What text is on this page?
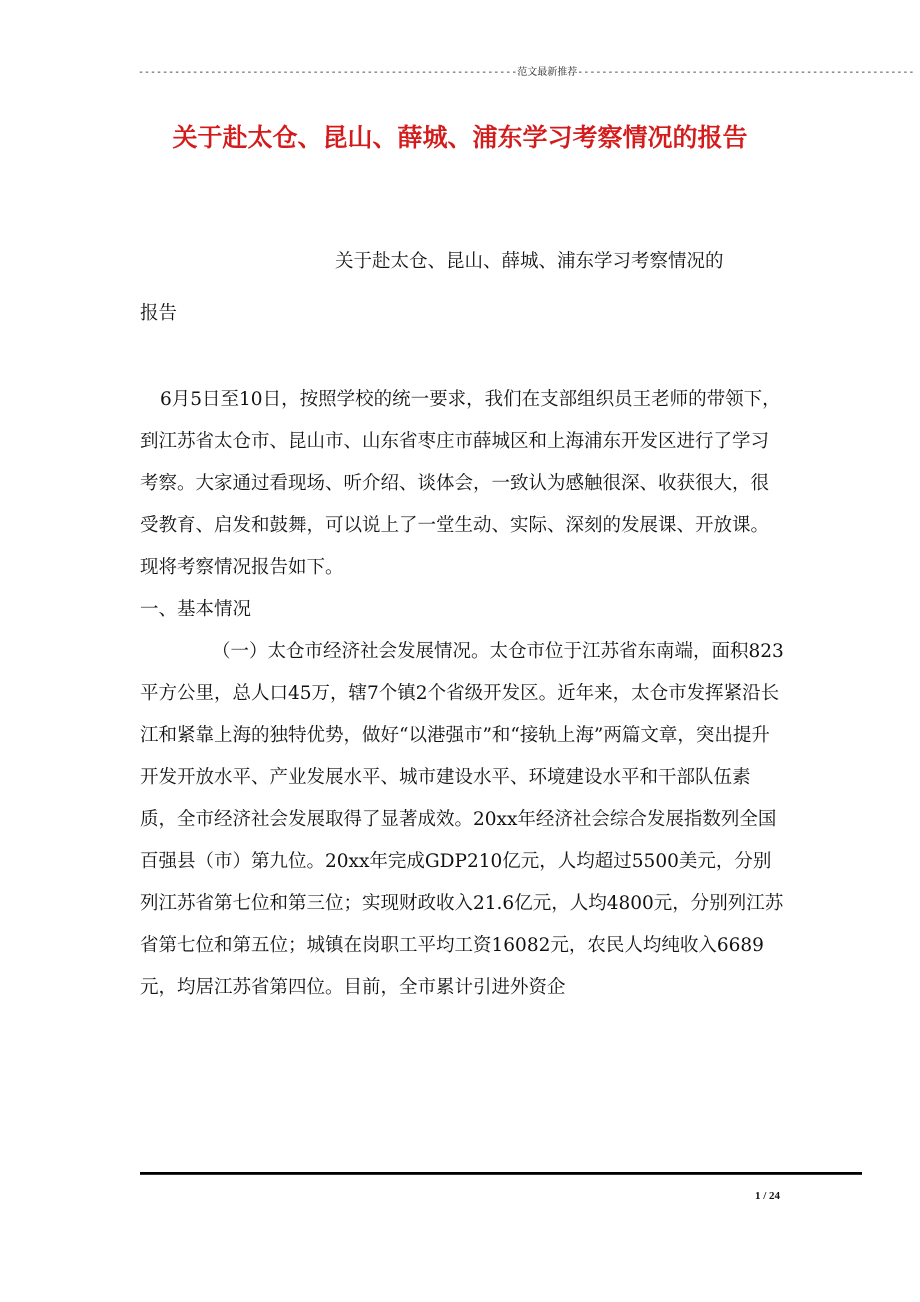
---------------------------------------------------------------范文最新推荐--------------------------------------------------------
关于赴太仓、昆山、薛城、浦东学习考察情况的报告
关于赴太仓、昆山、薛城、浦东学习考察情况的
报告

6月5日至10日，按照学校的统一要求，我们在支部组织员王老师的带领下，到江苏省太仓市、昆山市、山东省枣庄市薛城区和上海浦东开发区进行了学习考察。大家通过看现场、听介绍、谈体会，一致认为感触很深、收获很大，很受教育、启发和鼓舞，可以说上了一堂生动、实际、深刻的发展课、开放课。现将考察情况报告如下。

一、基本情况

（一）太仓市经济社会发展情况。太仓市位于江苏省东南端，面积823平方公里，总人口45万，辖7个镇2个省级开发区。近年来，太仓市发挥紧沿长江和紧靠上海的独特优势，做好“以港强市”和“接轨上海”两篇文章，突出提升开发开放水平、产业发展水平、城市建设水平、环境建设水平和干部队伍素质，全市经济社会发展取得了显著成效。20xx年经济社会综合发展指数列全国百强县（市）第九位。20xx年完成GDP210亿元，人均超过5500美元，分别列江苏省第七位和第三位；实现财政收入21.6亿元，人均4800元，分别列江苏省第七位和第五位；城镇在岗职工平均工资16082元，农民人均纯收入6689元，均居江苏省第四位。目前，全市累计引进外资企

1 / 24
